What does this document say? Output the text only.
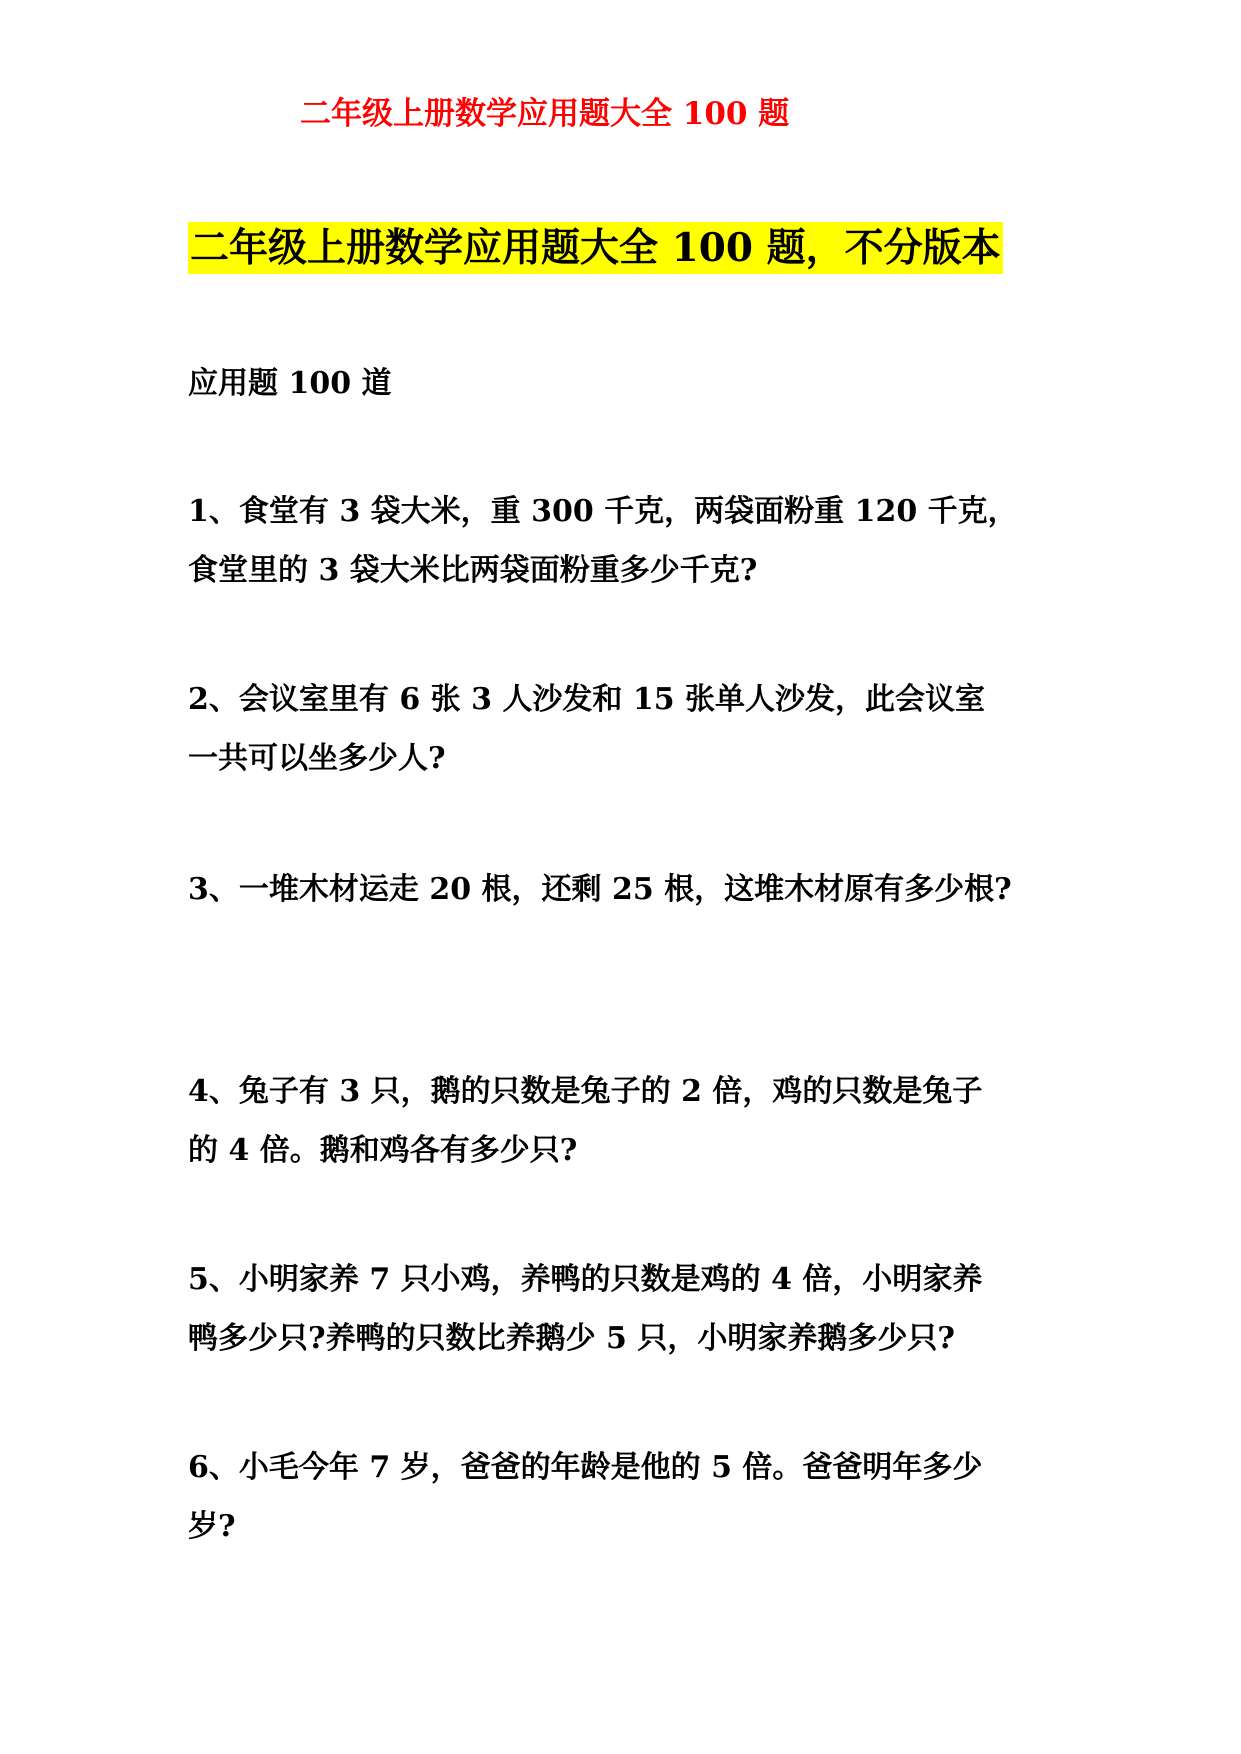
二年级上册数学应用题大全 100 题
二年级上册数学应用题大全 100 题，不分版本
应用题 100 道
1、食堂有 3 袋大米，重 300 千克，两袋面粉重 120 千克，
食堂里的 3 袋大米比两袋面粉重多少千克?
2、会议室里有 6 张 3 人沙发和 15 张单人沙发，此会议室
一共可以坐多少人?
3、一堆木材运走 20 根，还剩 25 根，这堆木材原有多少根?
4、兔子有 3 只，鹅的只数是兔子的 2 倍，鸡的只数是兔子
的 4 倍。鹅和鸡各有多少只?
5、小明家养 7 只小鸡，养鸭的只数是鸡的 4 倍，小明家养
鸭多少只?养鸭的只数比养鹅少 5 只，小明家养鹅多少只?
6、小毛今年 7 岁，爸爸的年龄是他的 5 倍。爸爸明年多少
岁?
